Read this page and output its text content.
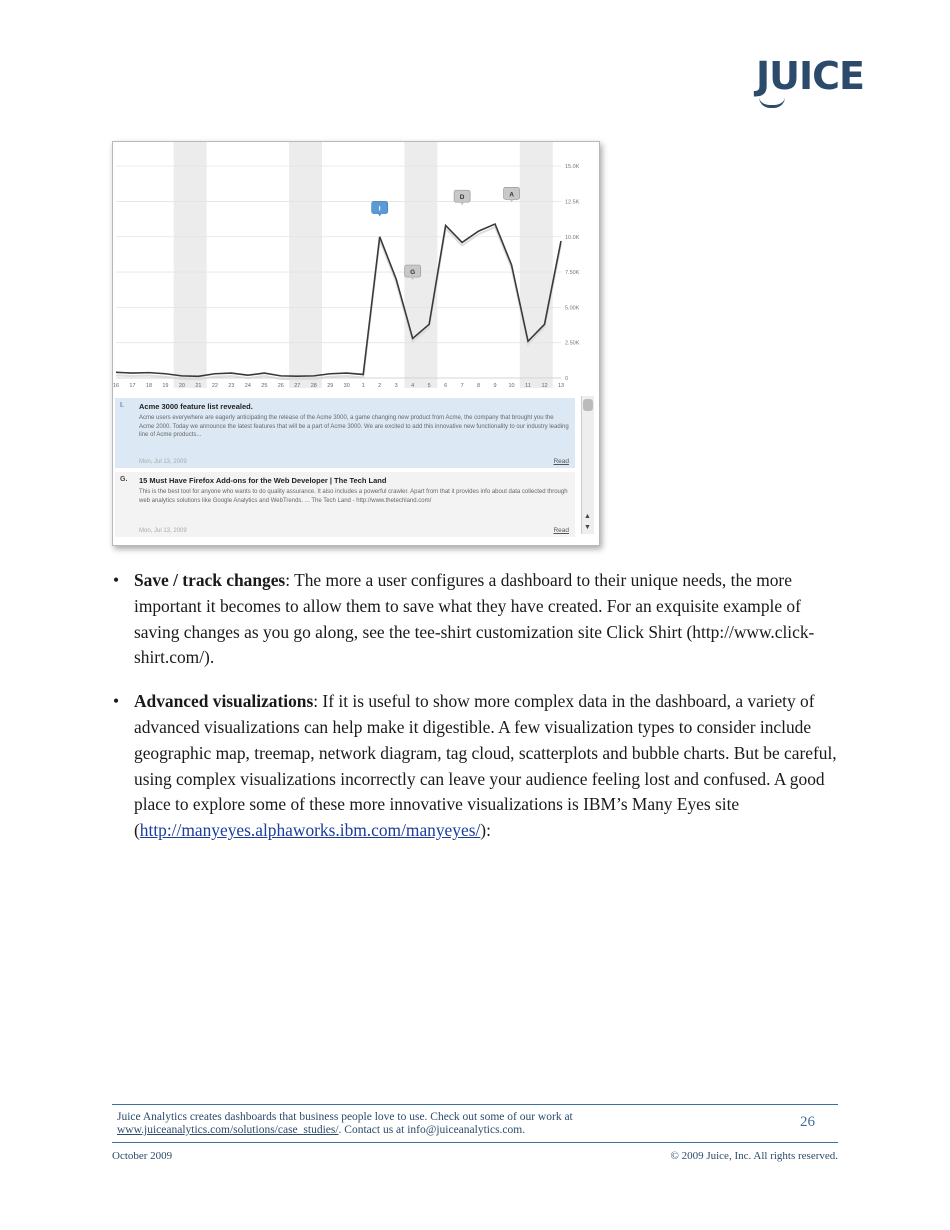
JUICE
0
2.50K
5.00K
7.50K
10.0K
12.5K
15.0K
16 17 18 19 20 21 22 23 24 25 26 27 28 29 30 1 2 3 4 5 6 7 8 9 10 11 12 13
I
G
D	A
I. Acme 3000 feature list revealed.
Acme users everywhere are eagerly anticipating the release of the Acme 3000, a game changing new product from Acme, the company that brought you the Acme 2000. Today we announce the latest features that will be a part of Acme 3000. We are excited to add this innovative new functionality to our industry leading line of Acme products...
Mon, Jul 13, 2009	Read
G. 15 Must Have Firefox Add-ons for the Web Developer | The Tech Land
This is the best tool for anyone who wants to do quality assurance. It also includes a powerful crawler. Apart from that it provides info about data collected through web analytics solutions like Google Analytics and WebTrends. ... The Tech Land - http://www.thetechland.com/
Mon, Jul 13, 2009	Read
▲
▼
• Save / track changes: The more a user configures a dashboard to their unique needs, the more important it becomes to allow them to save what they have created. For an exquisite example of saving changes as you go along, see the tee-shirt customization site Click Shirt (http://www.click-shirt.com/).
• Advanced visualizations: If it is useful to show more complex data in the dashboard, a variety of advanced visualizations can help make it digestible. A few visualization types to consider include geographic map, treemap, network diagram, tag cloud, scatterplots and bubble charts. But be careful, using complex visualizations incorrectly can leave your audience feeling lost and confused. A good place to explore some of these more innovative visualizations is IBM’s Many Eyes site (http://manyeyes.alphaworks.ibm.com/manyeyes/):
Juice Analytics creates dashboards that business people love to use. Check out some of our work at
www.juiceanalytics.com/solutions/case_studies/. Contact us at info@juiceanalytics.com.	26
October 2009	© 2009 Juice, Inc. All rights reserved.
